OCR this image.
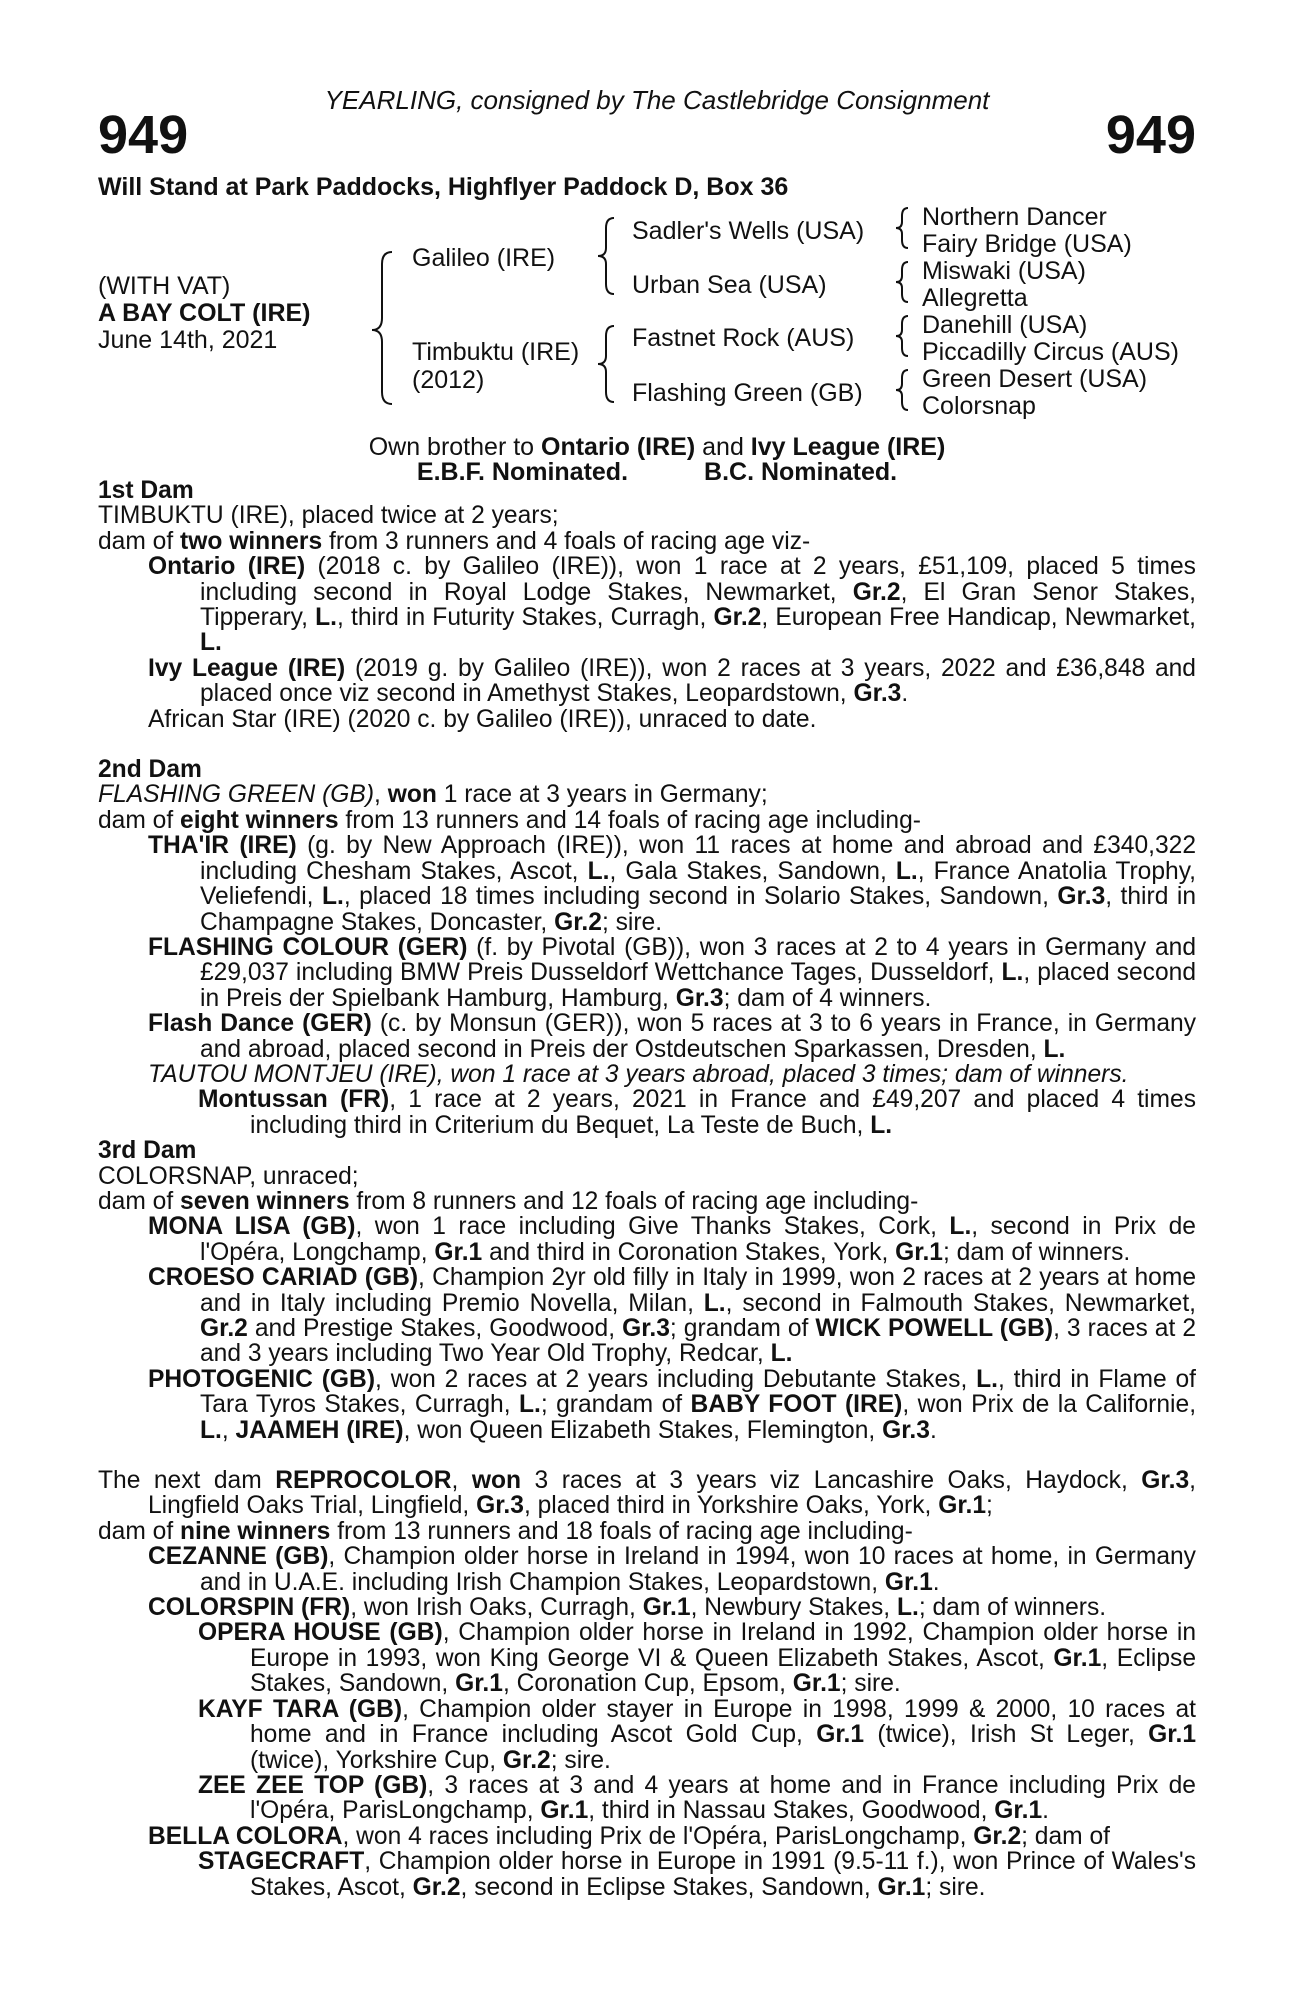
YEARLING, consigned by The Castlebridge Consignment
949	949
Will Stand at Park Paddocks, Highflyer Paddock D, Box 36
(WITH VAT)
A BAY COLT (IRE)
June 14th, 2021
Galileo (IRE)
Timbuktu (IRE)
(2012)
Sadler's Wells (USA)
Urban Sea (USA)
Fastnet Rock (AUS)
Flashing Green (GB)
Northern Dancer
Fairy Bridge (USA)
Miswaki (USA)
Allegretta
Danehill (USA)
Piccadilly Circus (AUS)
Green Desert (USA)
Colorsnap
Own brother to Ontario (IRE) and Ivy League (IRE)
E.B.F. Nominated.	B.C. Nominated.

1st Dam

TIMBUKTU (IRE), placed twice at 2 years;

dam of two winners from 3 runners and 4 foals of racing age viz-

Ontario (IRE) (2018 c. by Galileo (IRE)), won 1 race at 2 years, £51,109, placed 5 times including second in Royal Lodge Stakes, Newmarket, Gr.2, El Gran Senor Stakes, Tipperary, L., third in Futurity Stakes, Curragh, Gr.2, European Free Handicap, Newmarket, L.

Ivy League (IRE) (2019 g. by Galileo (IRE)), won 2 races at 3 years, 2022 and £36,848 and placed once viz second in Amethyst Stakes, Leopardstown, Gr.3.

African Star (IRE) (2020 c. by Galileo (IRE)), unraced to date.

2nd Dam

FLASHING GREEN (GB), won 1 race at 3 years in Germany;

dam of eight winners from 13 runners and 14 foals of racing age including-

THA'IR (IRE) (g. by New Approach (IRE)), won 11 races at home and abroad and £340,322 including Chesham Stakes, Ascot, L., Gala Stakes, Sandown, L., France Anatolia Trophy, Veliefendi, L., placed 18 times including second in Solario Stakes, Sandown, Gr.3, third in Champagne Stakes, Doncaster, Gr.2; sire.

FLASHING COLOUR (GER) (f. by Pivotal (GB)), won 3 races at 2 to 4 years in Germany and £29,037 including BMW Preis Dusseldorf Wettchance Tages, Dusseldorf, L., placed second in Preis der Spielbank Hamburg, Hamburg, Gr.3; dam of 4 winners.

Flash Dance (GER) (c. by Monsun (GER)), won 5 races at 3 to 6 years in France, in Germany and abroad, placed second in Preis der Ostdeutschen Sparkassen, Dresden, L.

TAUTOU MONTJEU (IRE), won 1 race at 3 years abroad, placed 3 times; dam of winners.

Montussan (FR), 1 race at 2 years, 2021 in France and £49,207 and placed 4 times including third in Criterium du Bequet, La Teste de Buch, L.

3rd Dam

COLORSNAP, unraced;

dam of seven winners from 8 runners and 12 foals of racing age including-

MONA LISA (GB), won 1 race including Give Thanks Stakes, Cork, L., second in Prix de l'Opéra, Longchamp, Gr.1 and third in Coronation Stakes, York, Gr.1; dam of winners.

CROESO CARIAD (GB), Champion 2yr old filly in Italy in 1999, won 2 races at 2 years at home and in Italy including Premio Novella, Milan, L., second in Falmouth Stakes, Newmarket, Gr.2 and Prestige Stakes, Goodwood, Gr.3; grandam of WICK POWELL (GB), 3 races at 2 and 3 years including Two Year Old Trophy, Redcar, L.

PHOTOGENIC (GB), won 2 races at 2 years including Debutante Stakes, L., third in Flame of Tara Tyros Stakes, Curragh, L.; grandam of BABY FOOT (IRE), won Prix de la Californie, L., JAAMEH (IRE), won Queen Elizabeth Stakes, Flemington, Gr.3.

The next dam REPROCOLOR, won 3 races at 3 years viz Lancashire Oaks, Haydock, Gr.3, Lingfield Oaks Trial, Lingfield, Gr.3, placed third in Yorkshire Oaks, York, Gr.1;

dam of nine winners from 13 runners and 18 foals of racing age including-

CEZANNE (GB), Champion older horse in Ireland in 1994, won 10 races at home, in Germany and in U.A.E. including Irish Champion Stakes, Leopardstown, Gr.1.

COLORSPIN (FR), won Irish Oaks, Curragh, Gr.1, Newbury Stakes, L.; dam of winners.

OPERA HOUSE (GB), Champion older horse in Ireland in 1992, Champion older horse in Europe in 1993, won King George VI & Queen Elizabeth Stakes, Ascot, Gr.1, Eclipse Stakes, Sandown, Gr.1, Coronation Cup, Epsom, Gr.1; sire.

KAYF TARA (GB), Champion older stayer in Europe in 1998, 1999 & 2000, 10 races at home and in France including Ascot Gold Cup, Gr.1 (twice), Irish St Leger, Gr.1 (twice), Yorkshire Cup, Gr.2; sire.

ZEE ZEE TOP (GB), 3 races at 3 and 4 years at home and in France including Prix de l'Opéra, ParisLongchamp, Gr.1, third in Nassau Stakes, Goodwood, Gr.1.

BELLA COLORA, won 4 races including Prix de l'Opéra, ParisLongchamp, Gr.2; dam of

STAGECRAFT, Champion older horse in Europe in 1991 (9.5-11 f.), won Prince of Wales's Stakes, Ascot, Gr.2, second in Eclipse Stakes, Sandown, Gr.1; sire.
